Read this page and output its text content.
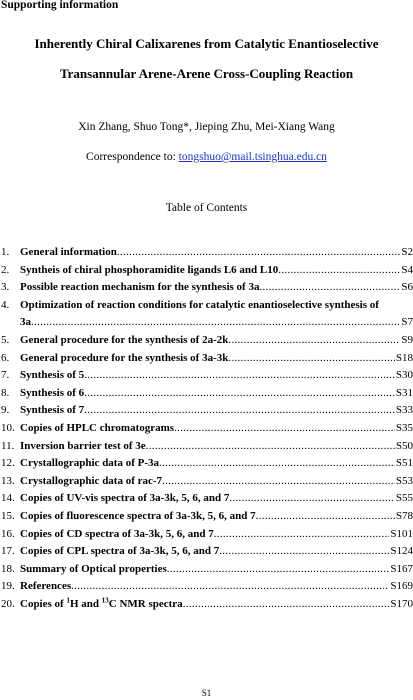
Supporting information
Inherently Chiral Calixarenes from Catalytic Enantioselective
Transannular Arene-Arene Cross-Coupling Reaction
Xin Zhang, Shuo Tong*, Jieping Zhu, Mei-Xiang Wang
Correspondence to: tongshuo@mail.tsinghua.edu.cn
Table of Contents
1. General information .....	S2
2. Syntheis of chiral phosphoramidite ligands L6 and L10 .....	S4
3. Possible reaction mechanism for the synthesis of 3a .....	S6
4. Optimization of reaction conditions for catalytic enantioselective synthesis of
3a .....	S7
5. General procedure for the synthesis of 2a-2k .....	S9
6. General procedure for the synthesis of 3a-3k .....	S18
7. Synthesis of 5 .....	S30
8. Synthesis of 6 .....	S31
9. Synthesis of 7 .....	S33
10. Copies of HPLC chromatograms .....	S35
11. Inversion barrier test of 3e .....	S50
12. Crystallographic data of P-3a .....	S51
13. Crystallographic data of rac-7 .....	S53
14. Copies of UV-vis spectra of 3a-3k, 5, 6, and 7 .....	S55
15. Copies of fluorescence spectra of 3a-3k, 5, 6, and 7 .....	S78
16. Copies of CD spectra of 3a-3k, 5, 6, and 7 .....	S101
17. Copies of CPL spectra of 3a-3k, 5, 6, and 7 .....	S124
18. Summary of Optical properties .....	S167
19. References .....	S169
20. Copies of $^1$H and $^{13}$C NMR spectra .....	S170
S1
